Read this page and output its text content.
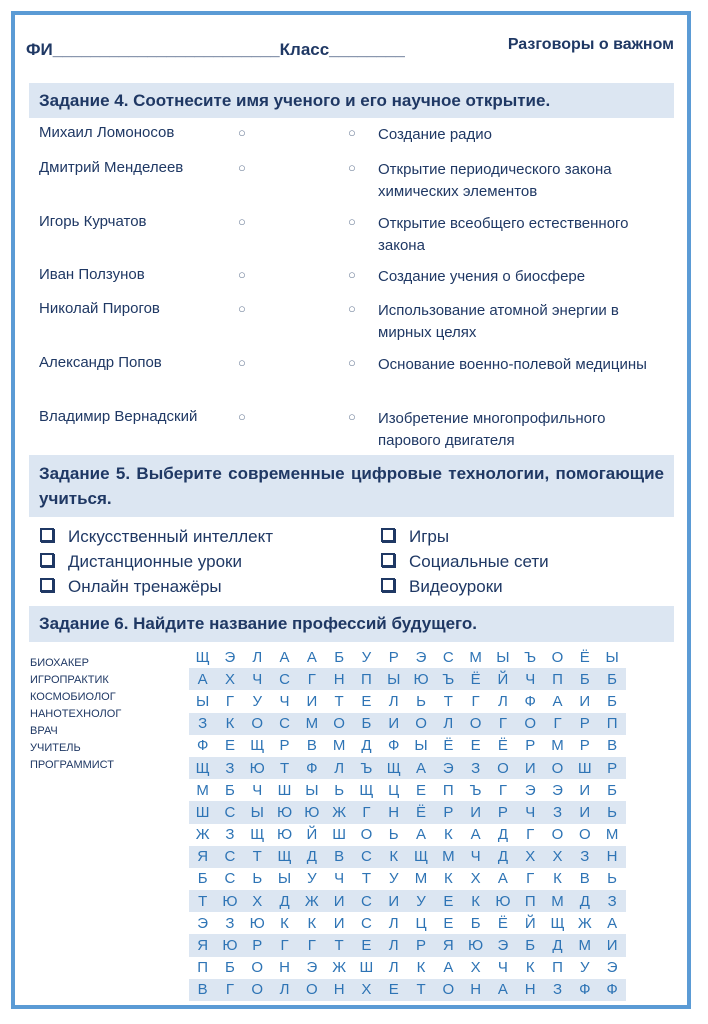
ФИ________________________Класс________	Разговоры о важном
Задание 4. Соотнесите имя ученого и его научное открытие.
Михаил Ломоносов	○	○ Создание радио
Дмитрий Менделеев	○	○ Открытие периодического закона химических элементов
Игорь Курчатов	○	○ Открытие всеобщего естественного закона
Иван Ползунов	○	○ Создание учения о биосфере
Николай Пирогов	○	○ Использование атомной энергии в мирных целях
Александр Попов	○	○ Основание военно-полевой медицины
Владимир Вернадский	○	○ Изобретение многопрофильного парового двигателя
Задание 5. Выберите современные цифровые технологии, помогающие учиться.
Искусственный интеллект
Дистанционные уроки
Онлайн тренажёры
Игры
Социальные сети
Видеоуроки
Задание 6. Найдите название профессий будущего.
БИОХАКЕР
ИГРОПРАКТИК
КОСМОБИОЛОГ
НАНОТЕХНОЛОГ
ВРАЧ
УЧИТЕЛЬ
ПРОГРАММИСТ
Щ	Э	Л	А	А	Б	У	Р	Э	С	М	Ы	Ъ	О	Ё	Ы
А	Х	Ч	С	Г	Н	П	Ы	Ю	Ъ	Ё	Й	Ч	П	Б	Б
Ы	Г	У	Ч	И	Т	Е	Л	Ь	Т	Г	Л	Ф	А	И	Б
З	К	О	С	М	О	Б	И	О	Л	О	Г	О	Г	Р	П
Ф	Е	Щ	Р	В	М	Д	Ф	Ы	Ё	Е	Ё	Р	М	Р	В
Щ	З	Ю	Т	Ф	Л	Ъ	Щ	А	Э	З	О	И	О	Ш	Р
М	Б	Ч	Ш	Ы	Ь	Щ	Ц	Е	П	Ъ	Г	Э	Э	И	Б
Ш	С	Ы	Ю	Ю	Ж	Г	Н	Ё	Р	И	Р	Ч	З	И	Ь
Ж	З	Щ	Ю	Й	Ш	О	Ь	А	К	А	Д	Г	О	О	М
Я	С	Т	Щ	Д	В	С	К	Щ	М	Ч	Д	Х	Х	З	Н
Б	С	Ь	Ы	У	Ч	Т	У	М	К	Х	А	Г	К	В	Ь
Т	Ю	Х	Д	Ж	И	С	И	У	Е	К	Ю	П	М	Д	З
Э	З	Ю	К	К	И	С	Л	Ц	Е	Б	Ё	Й	Щ	Ж	А
Я	Ю	Р	Г	Г	Т	Е	Л	Р	Я	Ю	Э	Б	Д	М	И
П	Б	О	Н	Э	Ж	Ш	Л	К	А	Х	Ч	К	П	У	Э
В	Г	О	Л	О	Н	Х	Е	Т	О	Н	А	Н	З	Ф	Ф
